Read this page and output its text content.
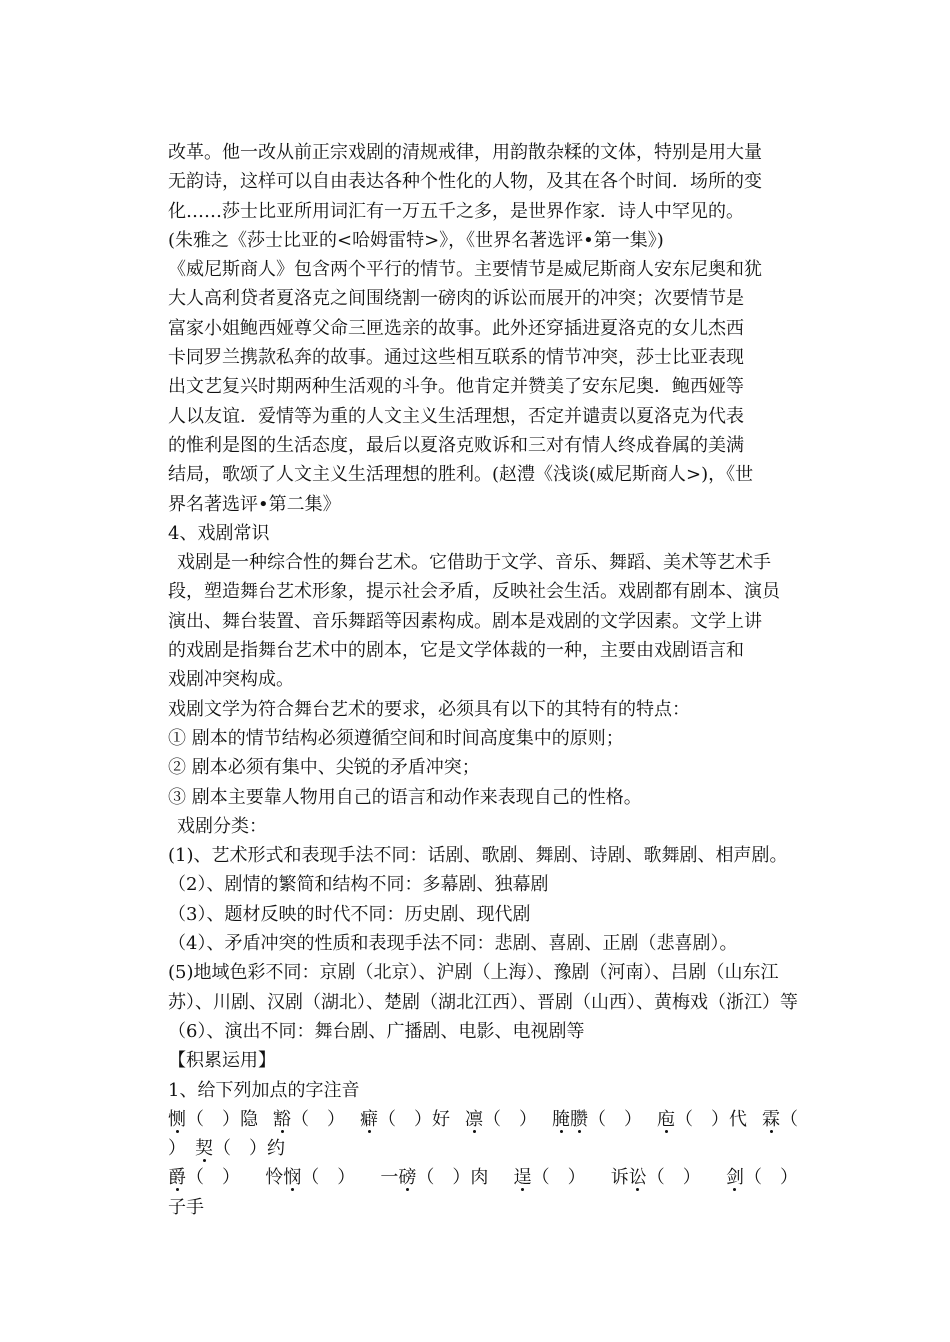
改革。他一改从前正宗戏剧的清规戒律，用韵散杂糅的文体，特别是用大量
无韵诗，这样可以自由表达各种个性化的人物，及其在各个时间．场所的变
化……莎士比亚所用词汇有一万五千之多，是世界作家．诗人中罕见的。
(朱雅之《莎士比亚的<哈姆雷特>》，《世界名著选评•第一集》)
《威尼斯商人》包含两个平行的情节。主要情节是威尼斯商人安东尼奥和犹
大人高利贷者夏洛克之间围绕割一磅肉的诉讼而展开的冲突；次要情节是
富家小姐鲍西娅尊父命三匣选亲的故事。此外还穿插进夏洛克的女儿杰西
卡同罗兰携款私奔的故事。通过这些相互联系的情节冲突，莎士比亚表现
出文艺复兴时期两种生活观的斗争。他肯定并赞美了安东尼奥．鲍西娅等
人以友谊．爱情等为重的人文主义生活理想，否定并谴责以夏洛克为代表
的惟利是图的生活态度，最后以夏洛克败诉和三对有情人终成眷属的美满
结局，歌颂了人文主义生活理想的胜利。(赵澧《浅谈(威尼斯商人>)，《世
界名著选评•第二集》
4、戏剧常识
戏剧是一种综合性的舞台艺术。它借助于文学、音乐、舞蹈、美术等艺术手
段，塑造舞台艺术形象，提示社会矛盾，反映社会生活。戏剧都有剧本、演员
演出、舞台装置、音乐舞蹈等因素构成。剧本是戏剧的文学因素。文学上讲
的戏剧是指舞台艺术中的剧本，它是文学体裁的一种，主要由戏剧语言和
戏剧冲突构成。
戏剧文学为符合舞台艺术的要求，必须具有以下的其特有的特点：
① 剧本的情节结构必须遵循空间和时间高度集中的原则；
② 剧本必须有集中、尖锐的矛盾冲突；
③ 剧本主要靠人物用自己的语言和动作来表现自己的性格。
戏剧分类：
(1)、艺术形式和表现手法不同：话剧、歌剧、舞剧、诗剧、歌舞剧、相声剧。
（2）、剧情的繁简和结构不同：多幕剧、独幕剧
（3）、题材反映的时代不同：历史剧、现代剧
（4）、矛盾冲突的性质和表现手法不同：悲剧、喜剧、正剧（悲喜剧）。
(5)地域色彩不同：京剧（北京）、沪剧（上海）、豫剧（河南）、吕剧（山东江
苏）、川剧、汉剧（湖北）、楚剧（湖北江西）、晋剧（山西）、黄梅戏（浙江）等
（6）、演出不同：舞台剧、广播剧、电影、电视剧等
【积累运用】
1、给下列加点的字注音
恻（　 ）隐 豁（　 ） 癖（　 ）好 凛（　 ） 腌臜（　 ） 庖（　 ）代 霖（
）　 契（　 ）约
爵（　 ） 怜悯（　 ） 一磅（　 ）肉 逞（　 ） 诉讼（　 ） 剑（　 ）
子手
